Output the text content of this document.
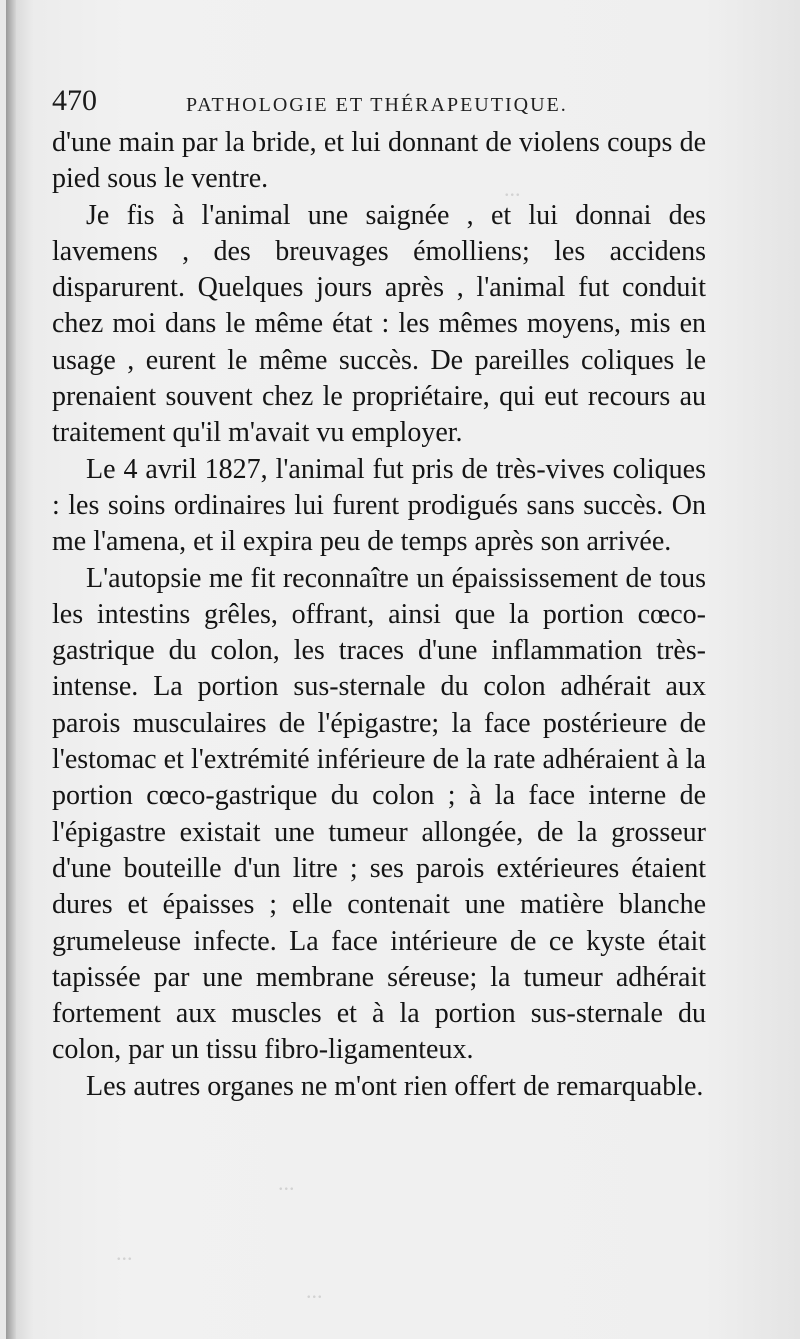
...
...
...
...
470	PATHOLOGIE ET THÉRAPEUTIQUE.

d'une main par la bride, et lui donnant de violens coups de pied sous le ventre.

Je fis à l'animal une saignée , et lui donnai des lavemens , des breuvages émolliens; les accidens disparurent. Quelques jours après , l'animal fut conduit chez moi dans le même état : les mêmes moyens, mis en usage , eurent le même succès. De pareilles coliques le prenaient souvent chez le propriétaire, qui eut recours au traitement qu'il m'avait vu employer.

Le 4 avril 1827, l'animal fut pris de très-vives coliques : les soins ordinaires lui furent prodigués sans succès. On me l'amena, et il expira peu de temps après son arrivée.

L'autopsie me fit reconnaître un épaississement de tous les intestins grêles, offrant, ainsi que la portion cœco-gastrique du colon, les traces d'une inflammation très-intense. La portion sus-sternale du colon adhérait aux parois musculaires de l'épigastre; la face postérieure de l'estomac et l'extrémité inférieure de la rate adhéraient à la portion cœco-gastrique du colon ; à la face interne de l'épigastre existait une tumeur allongée, de la grosseur d'une bouteille d'un litre ; ses parois extérieures étaient dures et épaisses ; elle contenait une matière blanche grumeleuse infecte. La face intérieure de ce kyste était tapissée par une membrane séreuse; la tumeur adhérait fortement aux muscles et à la portion sus-sternale du colon, par un tissu fibro-ligamenteux.

Les autres organes ne m'ont rien offert de remarquable.
